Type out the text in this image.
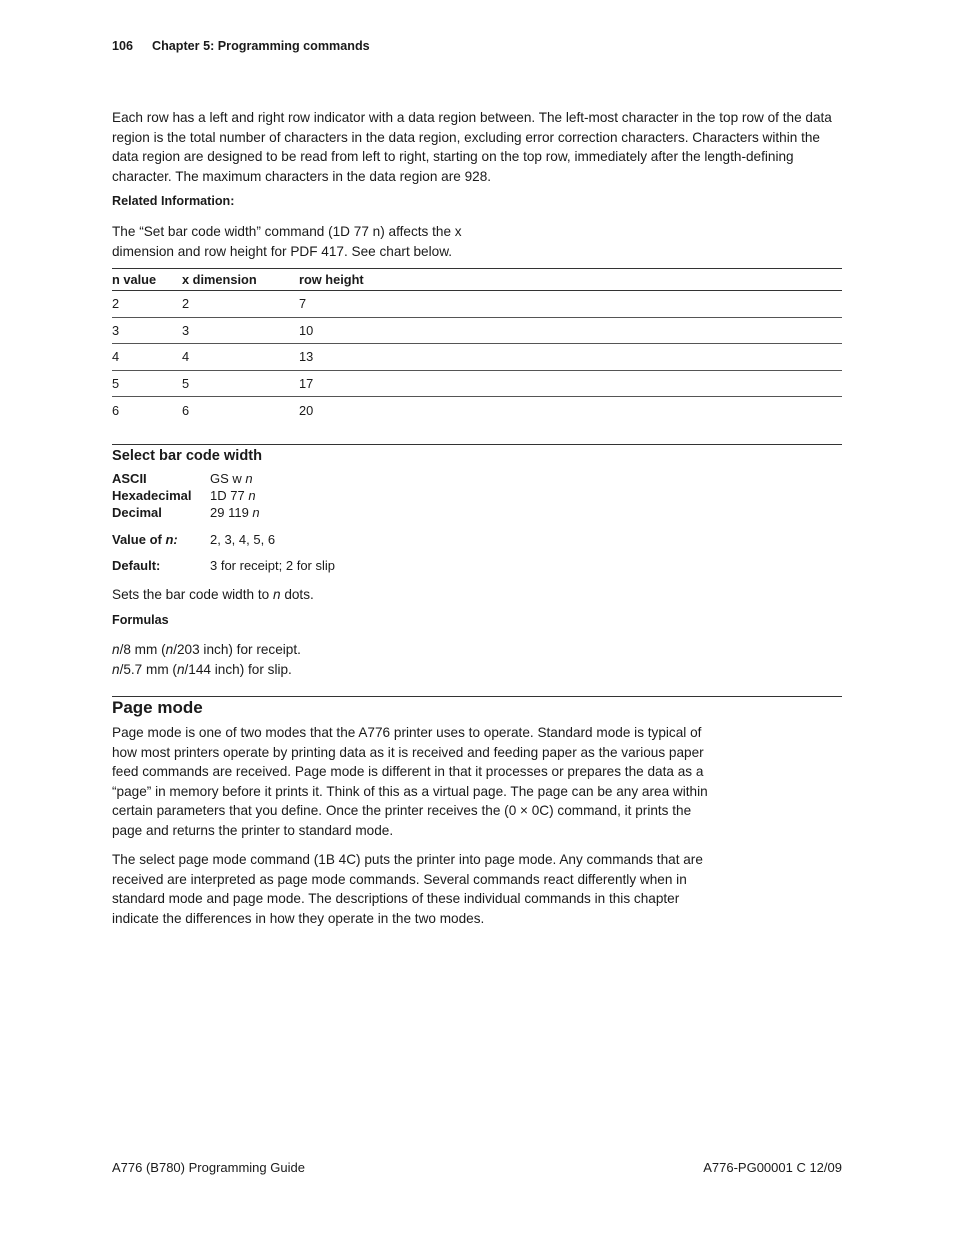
106 Chapter 5: Programming commands

Each row has a left and right row indicator with a data region between. The left-most character in the top row of the data region is the total number of characters in the data region, excluding error correction characters. Characters within the data region are designed to be read from left to right, starting on the top row, immediately after the length-defining character. The maximum characters in the data region are 928.

Related Information:

The “Set bar code width” command (1D 77 n) affects the x dimension and row height for PDF 417. See chart below.

n value	x dimension	row height
2	2	7
3	3	10
4	4	13
5	5	17
6	6	20
Select bar code width
ASCII	GS w n
Hexadecimal	1D 77 n
Decimal	29 119 n
Value of n:	2, 3, 4, 5, 6
Default:	3 for receipt; 2 for slip
Sets the bar code width to n dots.
Formulas
n/8 mm (n/203 inch) for receipt.
n/5.7 mm (n/144 inch) for slip.
Page mode

Page mode is one of two modes that the A776 printer uses to operate. Standard mode is typical of how most printers operate by printing data as it is received and feeding paper as the various paper feed commands are received. Page mode is different in that it processes or prepares the data as a “page” in memory before it prints it. Think of this as a virtual page. The page can be any area within certain parameters that you define. Once the printer receives the (0 × 0C) command, it prints the page and returns the printer to standard mode.

The select page mode command (1B 4C) puts the printer into page mode. Any commands that are received are interpreted as page mode commands. Several commands react differently when in standard mode and page mode. The descriptions of these individual commands in this chapter indicate the differences in how they operate in the two modes.

A776 (B780) Programming Guide	A776-PG00001 C 12/09
